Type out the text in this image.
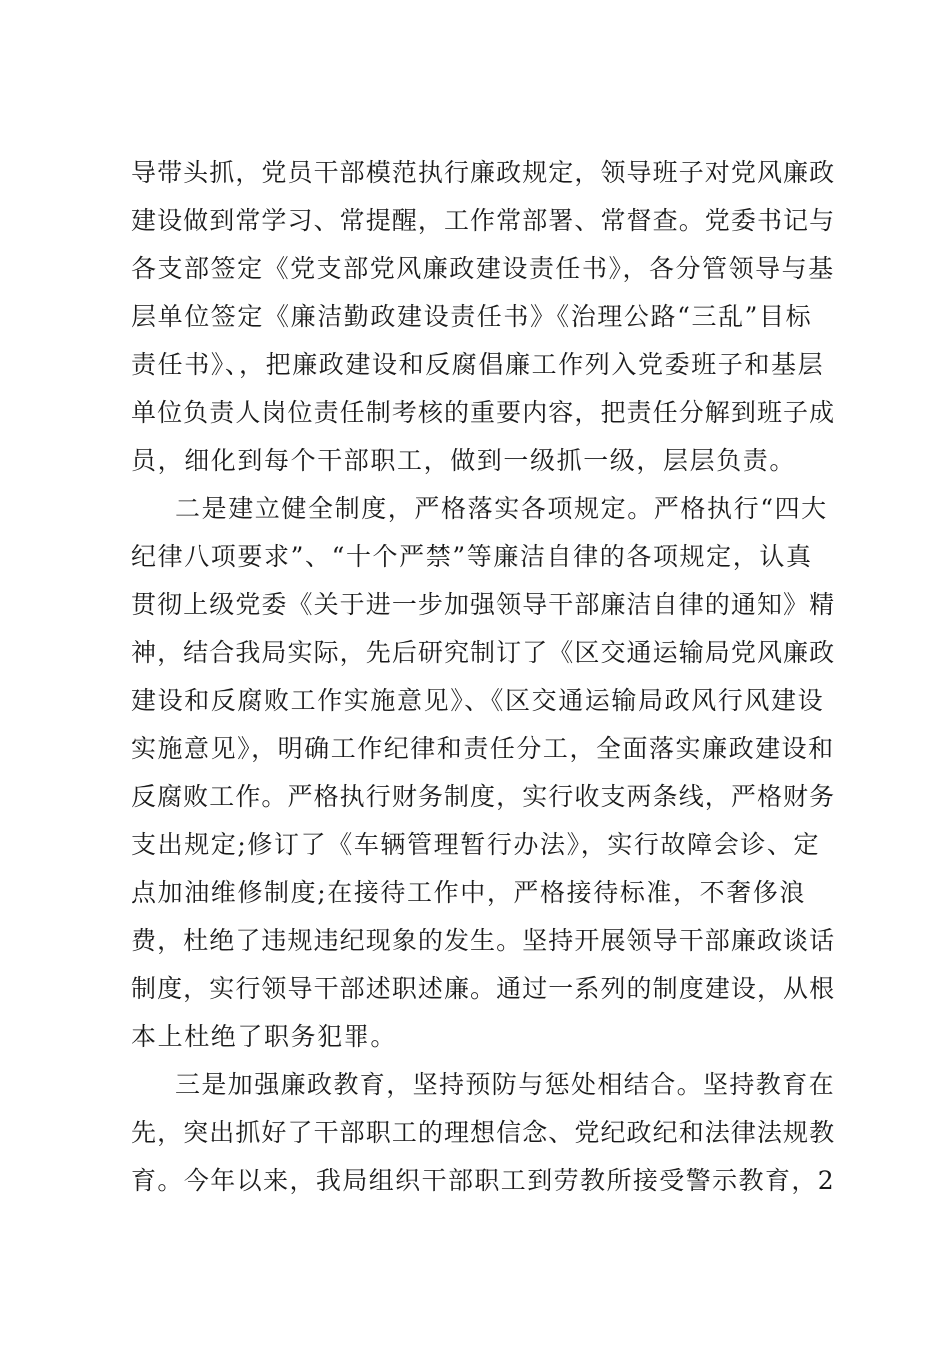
导带头抓，党员干部模范执行廉政规定，领导班子对党风廉政
建设做到常学习、常提醒，工作常部署、常督查。党委书记与
各支部签定《党支部党风廉政建设责任书》，各分管领导与基
层单位签定《廉洁勤政建设责任书》《治理公路“三乱”目标
责任书》、，把廉政建设和反腐倡廉工作列入党委班子和基层
单位负责人岗位责任制考核的重要内容，把责任分解到班子成
员，细化到每个干部职工，做到一级抓一级，层层负责。
二是建立健全制度，严格落实各项规定。严格执行“四大
纪律八项要求”、“十个严禁”等廉洁自律的各项规定，认真
贯彻上级党委《关于进一步加强领导干部廉洁自律的通知》精
神，结合我局实际，先后研究制订了《区交通运输局党风廉政
建设和反腐败工作实施意见》、《区交通运输局政风行风建设
实施意见》，明确工作纪律和责任分工，全面落实廉政建设和
反腐败工作。严格执行财务制度，实行收支两条线，严格财务
支出规定;修订了《车辆管理暂行办法》，实行故障会诊、定
点加油维修制度;在接待工作中，严格接待标准，不奢侈浪
费，杜绝了违规违纪现象的发生。坚持开展领导干部廉政谈话
制度，实行领导干部述职述廉。通过一系列的制度建设，从根
本上杜绝了职务犯罪。
三是加强廉政教育，坚持预防与惩处相结合。坚持教育在
先，突出抓好了干部职工的理想信念、党纪政纪和法律法规教
育。今年以来，我局组织干部职工到劳教所接受警示教育，2
